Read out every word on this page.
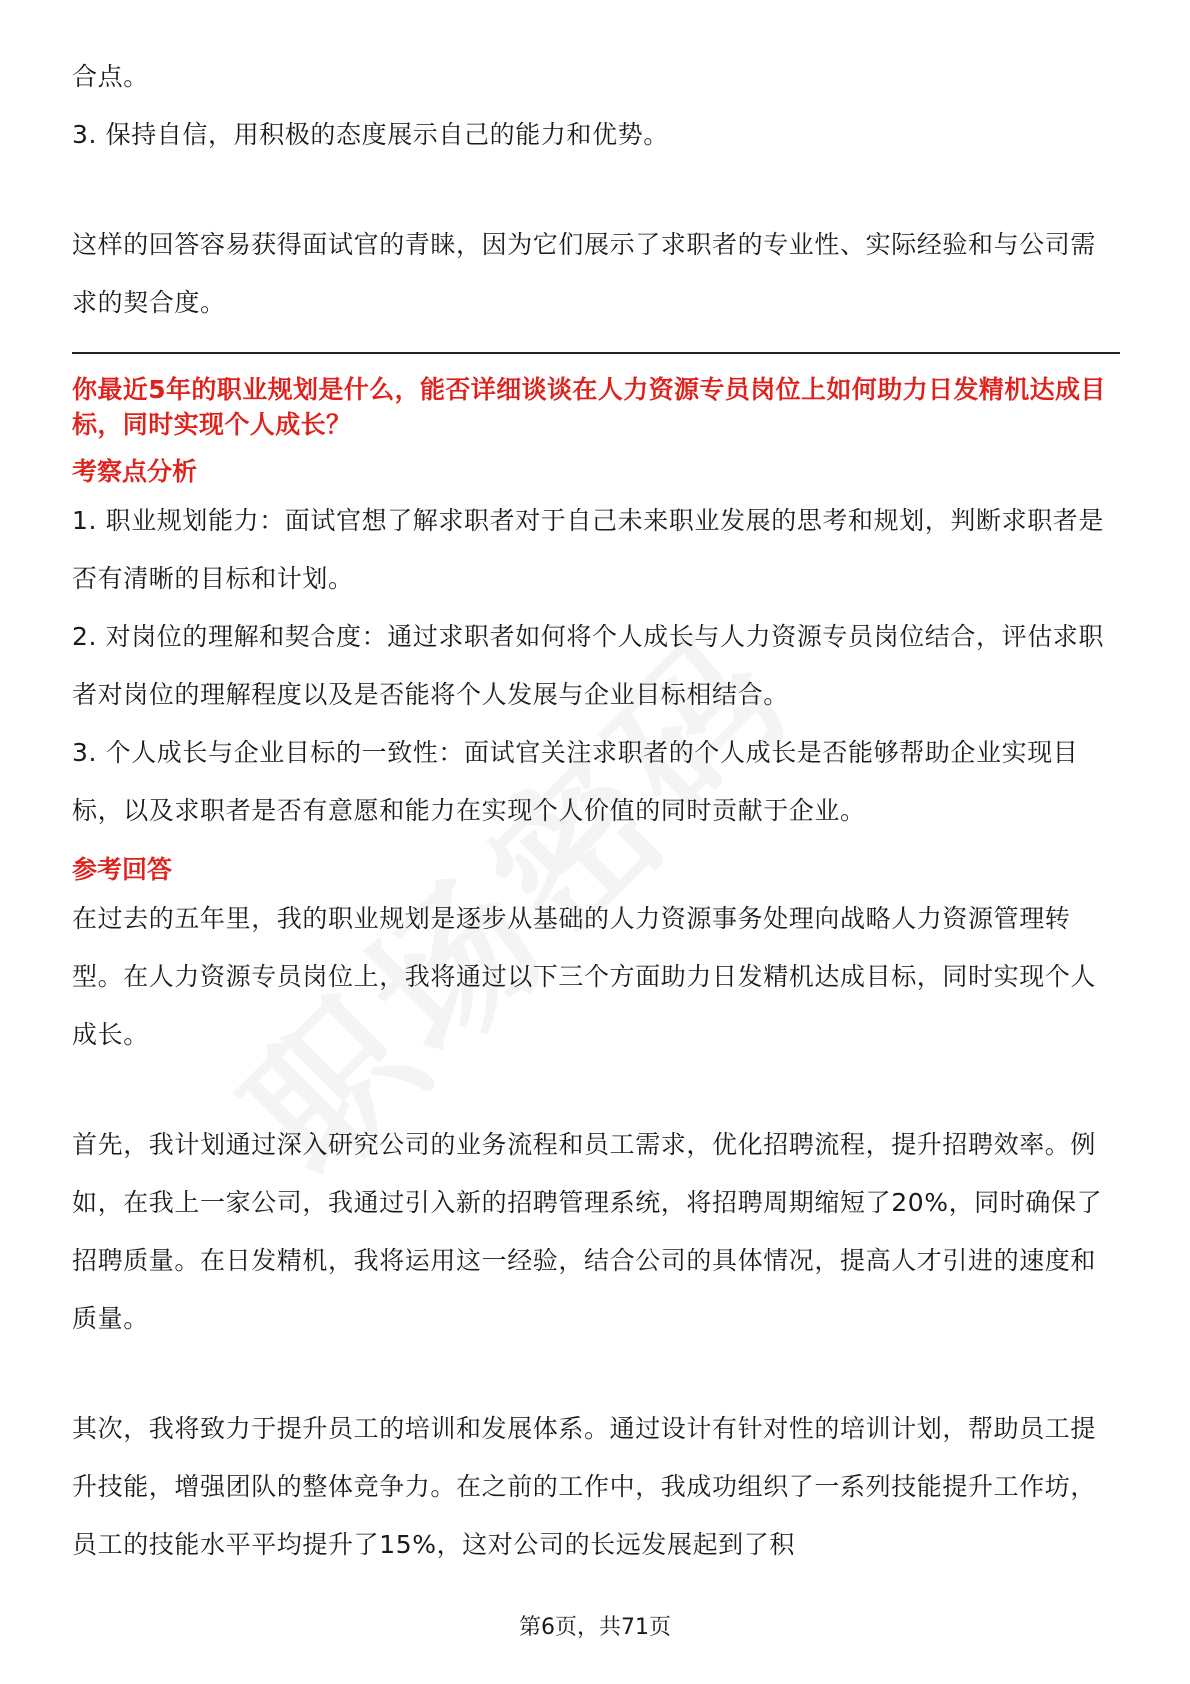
合点。

3. 保持自信，用积极的态度展示自己的能力和优势。

这样的回答容易获得面试官的青睐，因为它们展示了求职者的专业性、实际经验和与公司需求的契合度。

你最近5年的职业规划是什么，能否详细谈谈在人力资源专员岗位上如何助力日发精机达成目标，同时实现个人成长？
考察点分析

1. 职业规划能力：面试官想了解求职者对于自己未来职业发展的思考和规划，判断求职者是否有清晰的目标和计划。

2. 对岗位的理解和契合度：通过求职者如何将个人成长与人力资源专员岗位结合，评估求职者对岗位的理解程度以及是否能将个人发展与企业目标相结合。

3. 个人成长与企业目标的一致性：面试官关注求职者的个人成长是否能够帮助企业实现目标，以及求职者是否有意愿和能力在实现个人价值的同时贡献于企业。

参考回答

在过去的五年里，我的职业规划是逐步从基础的人力资源事务处理向战略人力资源管理转型。在人力资源专员岗位上，我将通过以下三个方面助力日发精机达成目标，同时实现个人成长。

首先，我计划通过深入研究公司的业务流程和员工需求，优化招聘流程，提升招聘效率。例如，在我上一家公司，我通过引入新的招聘管理系统，将招聘周期缩短了20%，同时确保了招聘质量。在日发精机，我将运用这一经验，结合公司的具体情况，提高人才引进的速度和质量。

其次，我将致力于提升员工的培训和发展体系。通过设计有针对性的培训计划，帮助员工提升技能，增强团队的整体竞争力。在之前的工作中，我成功组织了一系列技能提升工作坊，员工的技能水平平均提升了15%，这对公司的长远发展起到了积

第6页，共71页
